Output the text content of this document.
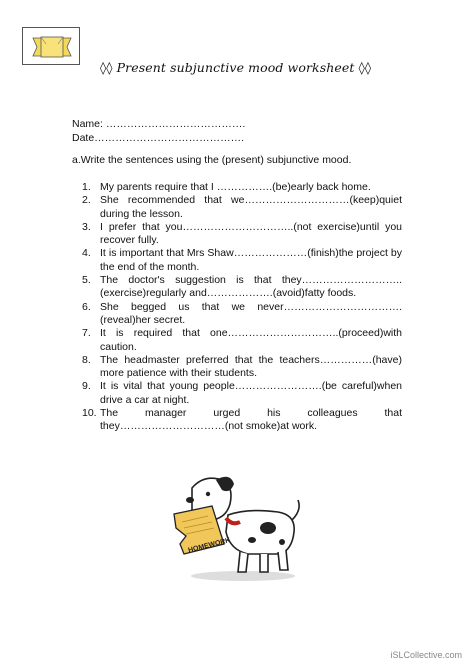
◊◊ Present subjunctive mood worksheet ◊◊
Name: ………………………………….
Date…………………………………….
a.Write the sentences using the (present) subjunctive mood.
1. My parents require that I …………….(be)early back home.
2. She recommended that we…………………………(keep)quiet during the lesson.
3. I prefer that you…………………………..(not exercise)until you recover fully.
4. It is important that Mrs Shaw…………………(finish)the project by the end of the month.
5. The doctor's suggestion is that they………………………..(exercise)regularly and……………….(avoid)fatty foods.
6. She begged us that we never…………………………….(reveal)her secret.
7. It is required that one…………………………..(proceed)with caution.
8. The headmaster preferred that the teachers……………(have) more patience with their students.
9. It is vital that young people…………………….(be careful)when drive a car at night.
10. The manager urged his colleagues that they…………………………(not smoke)at work.
HOMEWORK
iSLCollective.com
